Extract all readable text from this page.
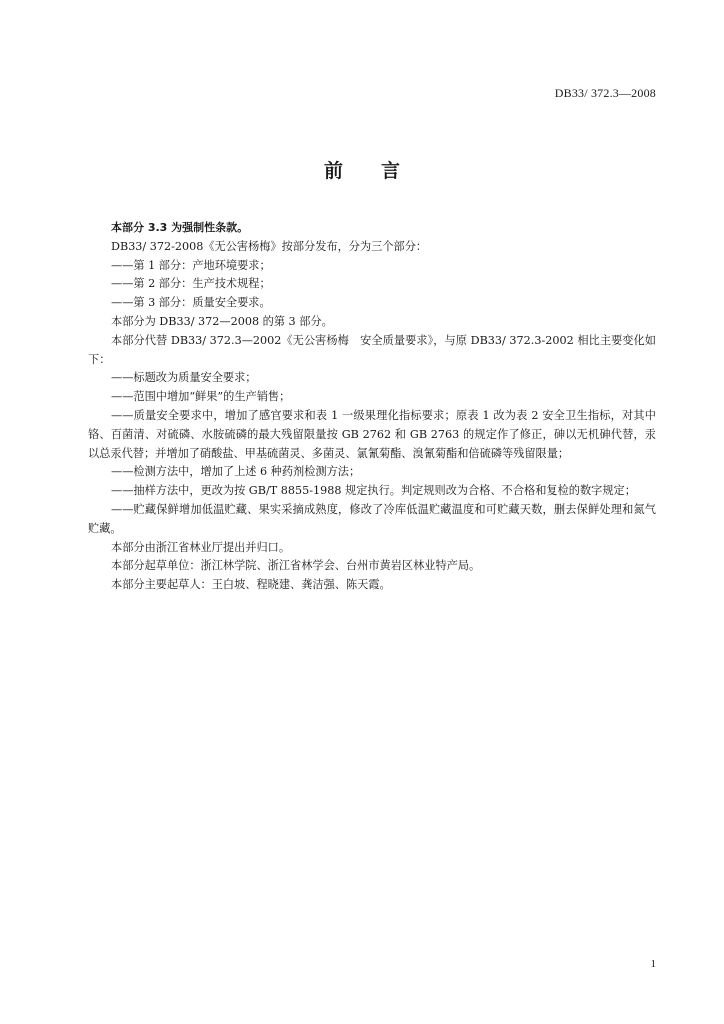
DB33/ 372.3—2008
前言

本部分 3.3 为强制性条款。

DB33/ 372-2008《无公害杨梅》按部分发布，分为三个部分：

——第 1 部分：产地环境要求；

——第 2 部分：生产技术规程；

——第 3 部分：质量安全要求。

本部分为 DB33/ 372—2008 的第 3 部分。

本部分代替 DB33/ 372.3—2002《无公害杨梅　安全质量要求》，与原 DB33/ 372.3-2002 相比主要变化如下：

——标题改为质量安全要求；

——范围中增加“鲜果”的生产销售；

——质量安全要求中，增加了感官要求和表 1 一级果理化指标要求；原表 1 改为表 2 安全卫生指标，对其中铬、百菌清、对硫磷、水胺硫磷的最大残留限量按 GB 2762 和 GB 2763 的规定作了修正，砷以无机砷代替，汞以总汞代替；并增加了硝酸盐、甲基硫菌灵、多菌灵、氯氰菊酯、溴氰菊酯和倍硫磷等残留限量；

——检测方法中，增加了上述 6 种药剂检测方法；

——抽样方法中，更改为按 GB/T 8855-1988 规定执行。判定规则改为合格、不合格和复检的数字规定；

——贮藏保鲜增加低温贮藏、果实采摘成熟度，修改了冷库低温贮藏温度和可贮藏天数，删去保鲜处理和氮气贮藏。

本部分由浙江省林业厅提出并归口。

本部分起草单位：浙江林学院、浙江省林学会、台州市黄岩区林业特产局。

本部分主要起草人：王白坡、程晓建、龚洁强、陈天霞。

1
